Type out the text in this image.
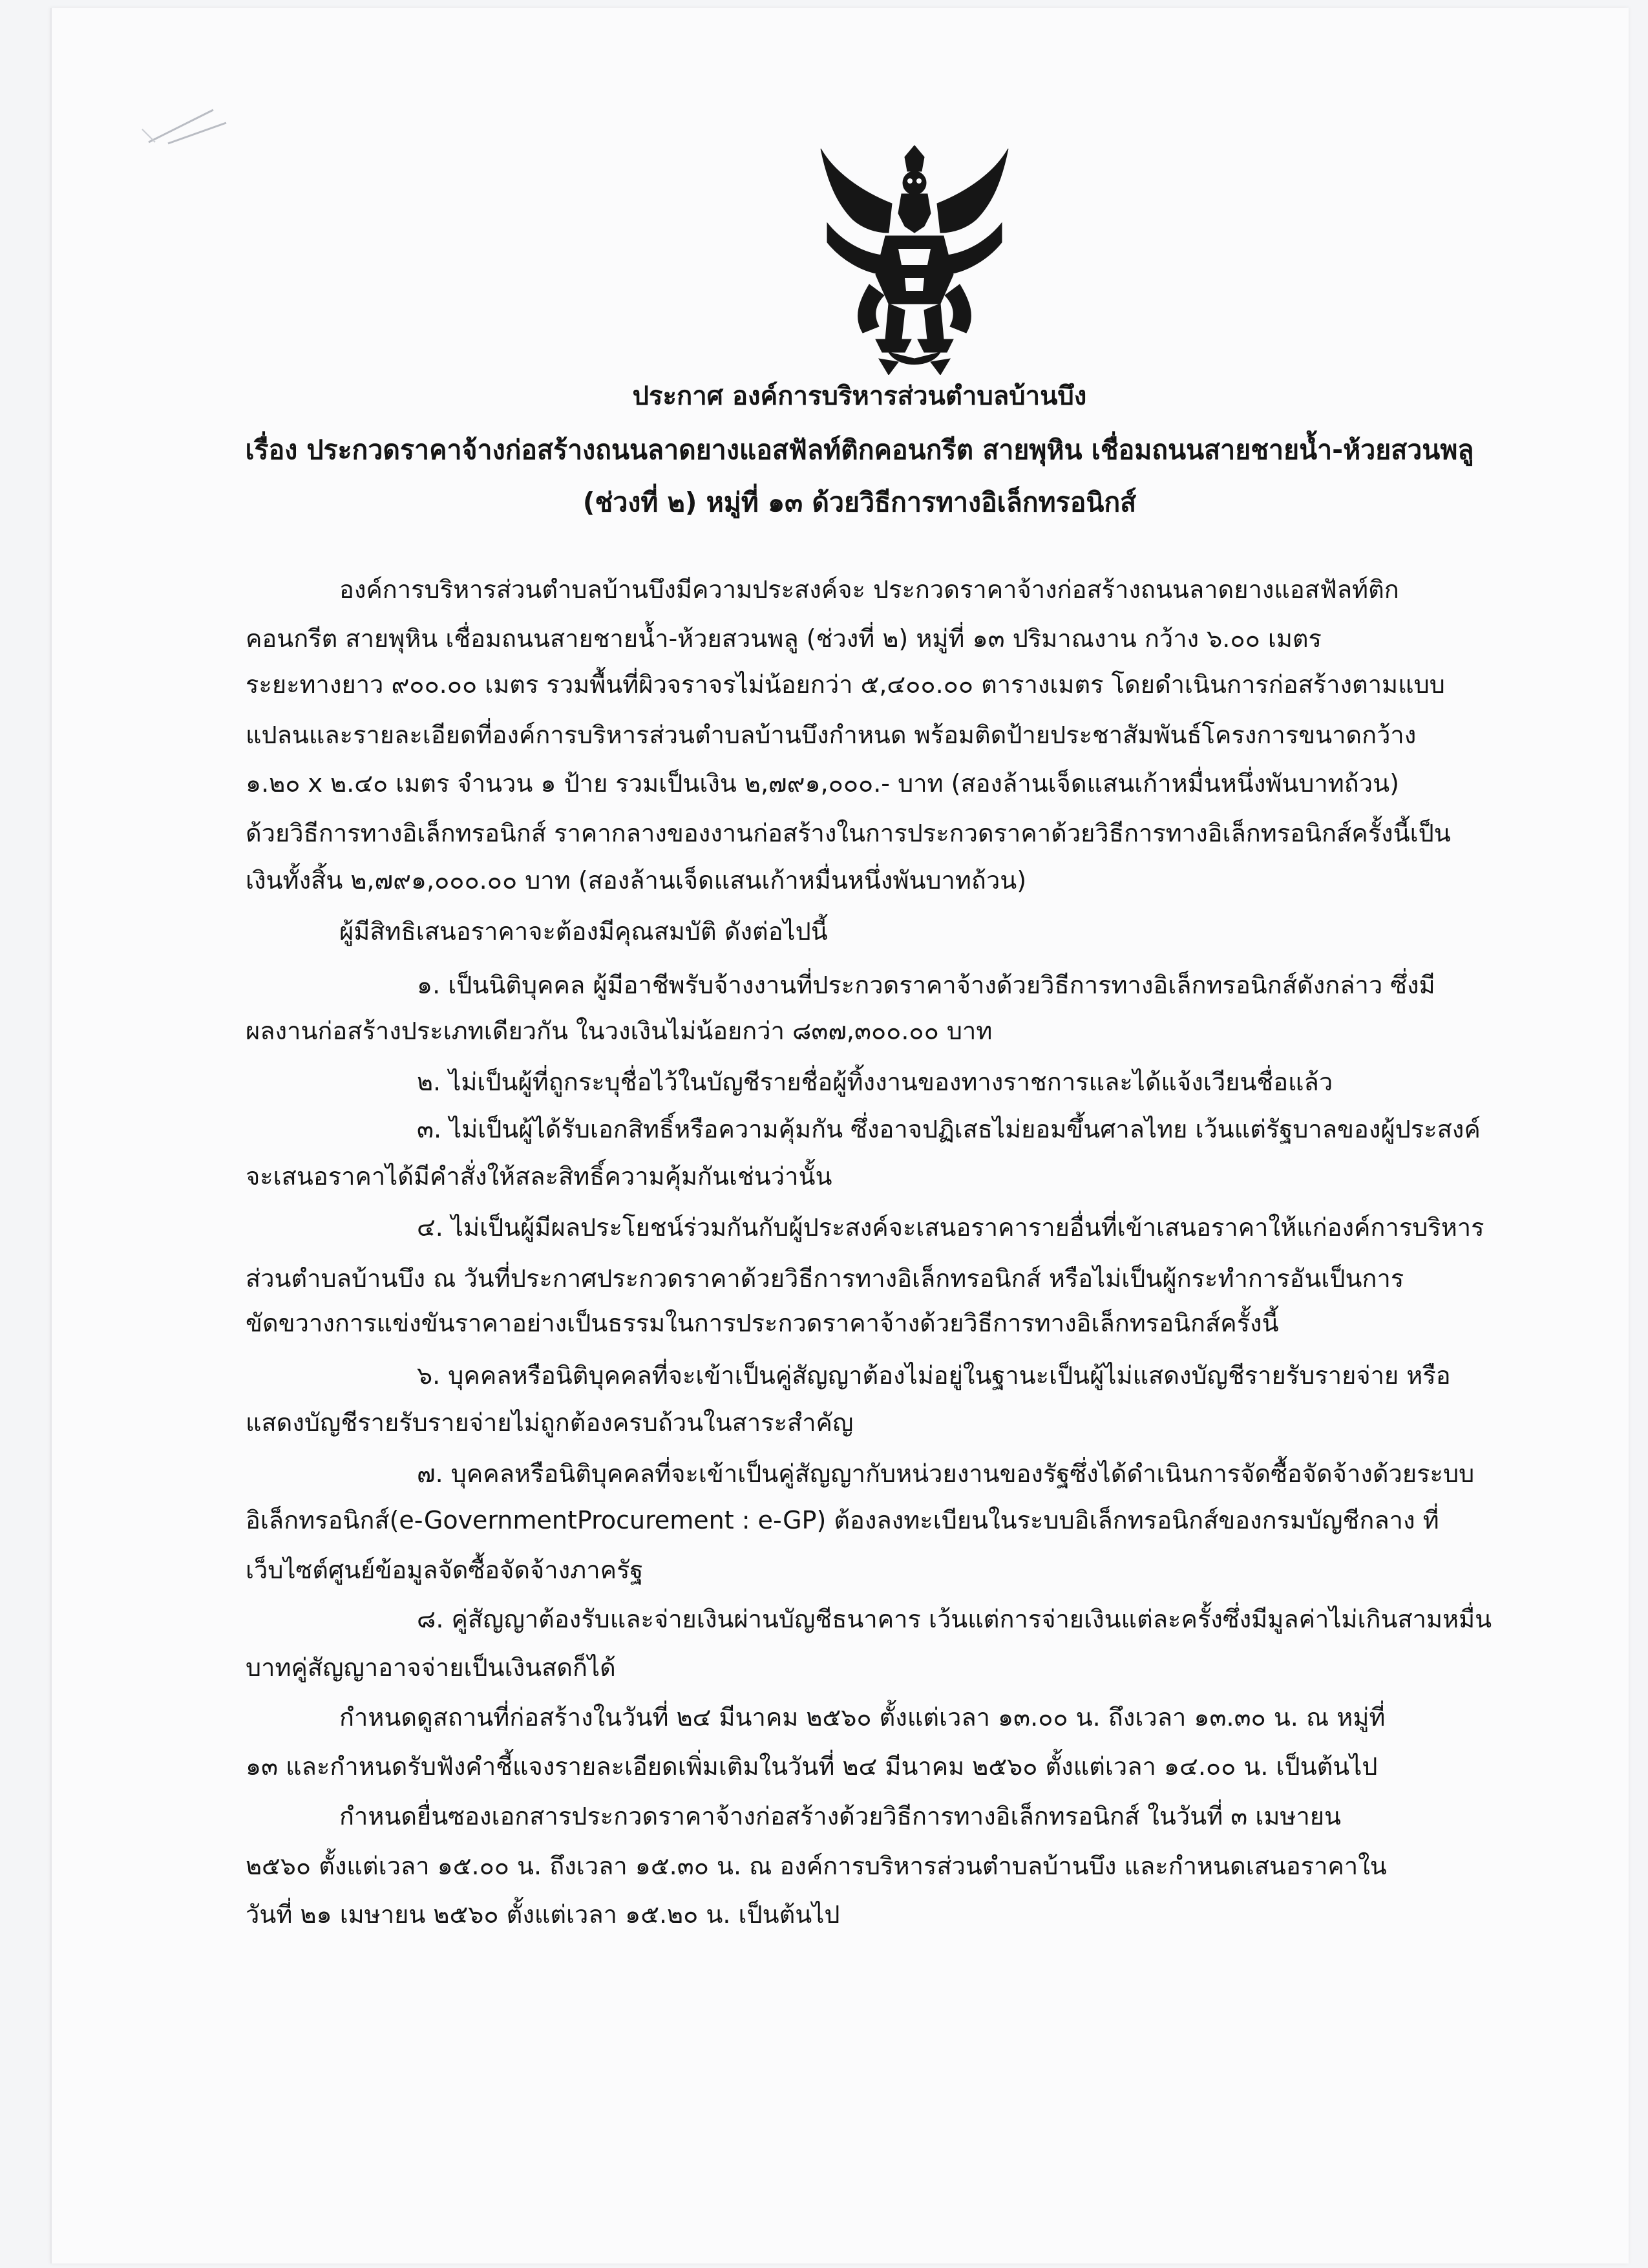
ประกาศ องค์การบริหารส่วนตำบลบ้านบึง
เรื่อง ประกวดราคาจ้างก่อสร้างถนนลาดยางแอสฟัลท์ติกคอนกรีต สายพุหิน เชื่อมถนนสายชายน้ำ-ห้วยสวนพลู
(ช่วงที่ ๒) หมู่ที่ ๑๓ ด้วยวิธีการทางอิเล็กทรอนิกส์
องค์การบริหารส่วนตำบลบ้านบึงมีความประสงค์จะ ประกวดราคาจ้างก่อสร้างถนนลาดยางแอสฟัลท์ติก
คอนกรีต สายพุหิน เชื่อมถนนสายชายน้ำ-ห้วยสวนพลู (ช่วงที่ ๒) หมู่ที่ ๑๓ ปริมาณงาน กว้าง ๖.๐๐ เมตร
ระยะทางยาว ๙๐๐.๐๐ เมตร รวมพื้นที่ผิวจราจรไม่น้อยกว่า ๕,๔๐๐.๐๐ ตารางเมตร โดยดำเนินการก่อสร้างตามแบบ
แปลนและรายละเอียดที่องค์การบริหารส่วนตำบลบ้านบึงกำหนด พร้อมติดป้ายประชาสัมพันธ์โครงการขนาดกว้าง
๑.๒๐ x ๒.๔๐ เมตร จำนวน ๑ ป้าย รวมเป็นเงิน ๒,๗๙๑,๐๐๐.- บาท (สองล้านเจ็ดแสนเก้าหมื่นหนึ่งพันบาทถ้วน)
ด้วยวิธีการทางอิเล็กทรอนิกส์ ราคากลางของงานก่อสร้างในการประกวดราคาด้วยวิธีการทางอิเล็กทรอนิกส์ครั้งนี้เป็น
เงินทั้งสิ้น ๒,๗๙๑,๐๐๐.๐๐ บาท (สองล้านเจ็ดแสนเก้าหมื่นหนึ่งพันบาทถ้วน)
ผู้มีสิทธิเสนอราคาจะต้องมีคุณสมบัติ ดังต่อไปนี้
๑. เป็นนิติบุคคล ผู้มีอาชีพรับจ้างงานที่ประกวดราคาจ้างด้วยวิธีการทางอิเล็กทรอนิกส์ดังกล่าว ซึ่งมี
ผลงานก่อสร้างประเภทเดียวกัน ในวงเงินไม่น้อยกว่า ๘๓๗,๓๐๐.๐๐ บาท
๒. ไม่เป็นผู้ที่ถูกระบุชื่อไว้ในบัญชีรายชื่อผู้ทิ้งงานของทางราชการและได้แจ้งเวียนชื่อแล้ว
๓. ไม่เป็นผู้ได้รับเอกสิทธิ์หรือความคุ้มกัน ซึ่งอาจปฏิเสธไม่ยอมขึ้นศาลไทย เว้นแต่รัฐบาลของผู้ประสงค์
จะเสนอราคาได้มีคำสั่งให้สละสิทธิ์ความคุ้มกันเช่นว่านั้น
๔. ไม่เป็นผู้มีผลประโยชน์ร่วมกันกับผู้ประสงค์จะเสนอราคารายอื่นที่เข้าเสนอราคาให้แก่องค์การบริหาร
ส่วนตำบลบ้านบึง ณ วันที่ประกาศประกวดราคาด้วยวิธีการทางอิเล็กทรอนิกส์ หรือไม่เป็นผู้กระทำการอันเป็นการ
ขัดขวางการแข่งขันราคาอย่างเป็นธรรมในการประกวดราคาจ้างด้วยวิธีการทางอิเล็กทรอนิกส์ครั้งนี้
๖. บุคคลหรือนิติบุคคลที่จะเข้าเป็นคู่สัญญาต้องไม่อยู่ในฐานะเป็นผู้ไม่แสดงบัญชีรายรับรายจ่าย หรือ
แสดงบัญชีรายรับรายจ่ายไม่ถูกต้องครบถ้วนในสาระสำคัญ
๗. บุคคลหรือนิติบุคคลที่จะเข้าเป็นคู่สัญญากับหน่วยงานของรัฐซึ่งได้ดำเนินการจัดซื้อจัดจ้างด้วยระบบ
อิเล็กทรอนิกส์(e-GovernmentProcurement : e-GP) ต้องลงทะเบียนในระบบอิเล็กทรอนิกส์ของกรมบัญชีกลาง ที่
เว็บไซต์ศูนย์ข้อมูลจัดซื้อจัดจ้างภาครัฐ
๘. คู่สัญญาต้องรับและจ่ายเงินผ่านบัญชีธนาคาร เว้นแต่การจ่ายเงินแต่ละครั้งซึ่งมีมูลค่าไม่เกินสามหมื่น
บาทคู่สัญญาอาจจ่ายเป็นเงินสดก็ได้
กำหนดดูสถานที่ก่อสร้างในวันที่ ๒๔ มีนาคม ๒๕๖๐ ตั้งแต่เวลา ๑๓.๐๐ น. ถึงเวลา ๑๓.๓๐ น. ณ หมู่ที่
๑๓ และกำหนดรับฟังคำชี้แจงรายละเอียดเพิ่มเติมในวันที่ ๒๔ มีนาคม ๒๕๖๐ ตั้งแต่เวลา ๑๔.๐๐ น. เป็นต้นไป
กำหนดยื่นซองเอกสารประกวดราคาจ้างก่อสร้างด้วยวิธีการทางอิเล็กทรอนิกส์ ในวันที่ ๓ เมษายน
๒๕๖๐ ตั้งแต่เวลา ๑๕.๐๐ น. ถึงเวลา ๑๕.๓๐ น. ณ องค์การบริหารส่วนตำบลบ้านบึง และกำหนดเสนอราคาใน
วันที่ ๒๑ เมษายน ๒๕๖๐ ตั้งแต่เวลา ๑๕.๒๐ น. เป็นต้นไป
